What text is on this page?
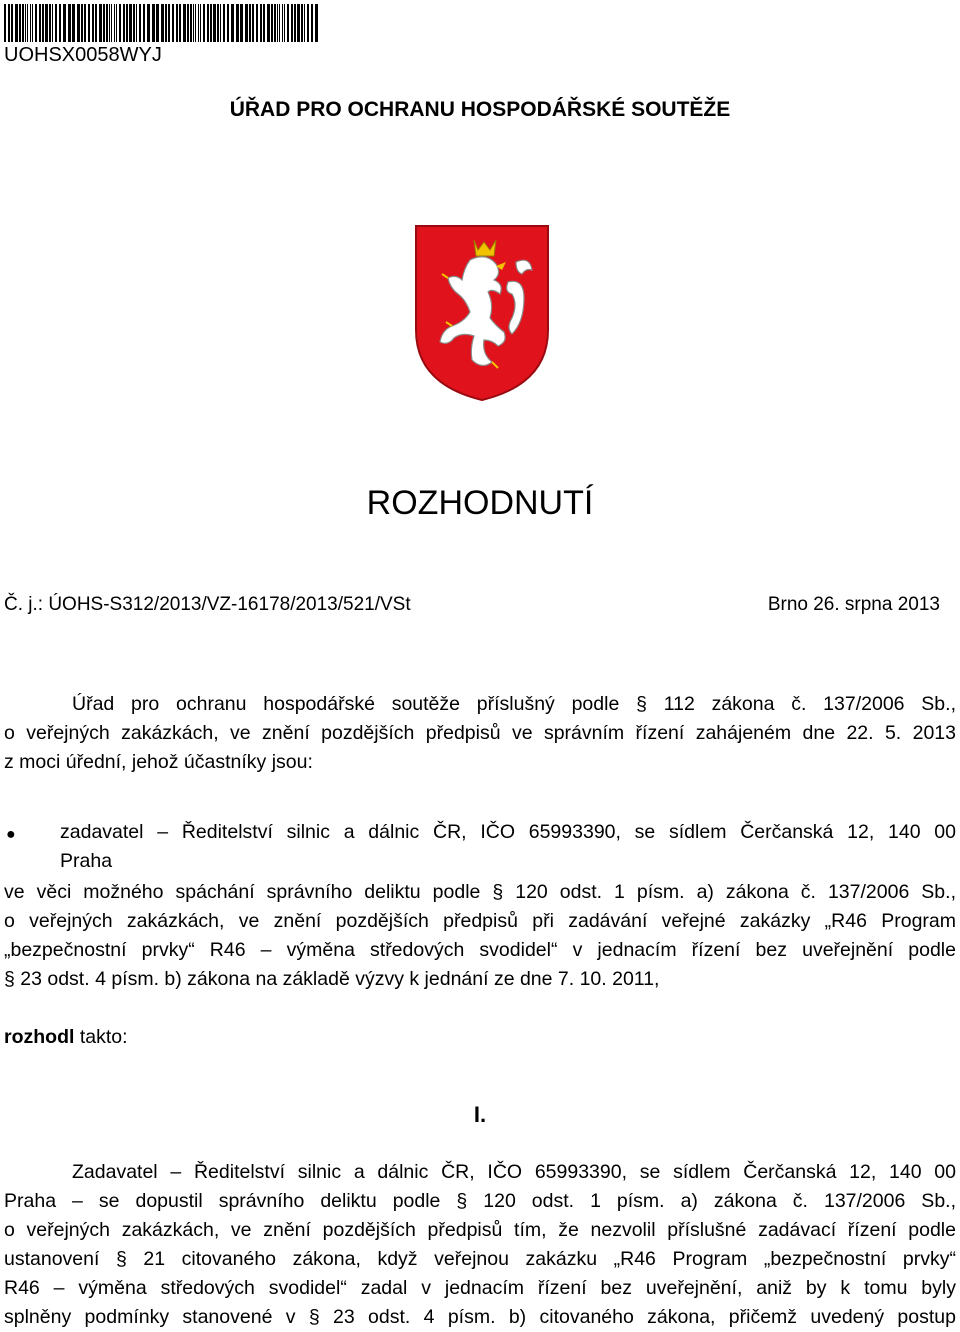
UOHSX0058WYJ
ÚŘAD PRO OCHRANU HOSPODÁŘSKÉ SOUTĚŽE
ROZHODNUTÍ
Č. j.: ÚOHS-S312/2013/VZ-16178/2013/521/VSt	Brno 26. srpna 2013
Úřad pro ochranu hospodářské soutěže příslušný podle § 112 zákona č. 137/2006 Sb.,
o veřejných zakázkách, ve znění pozdějších předpisů ve správním řízení zahájeném dne 22. 5. 2013
z moci úřední, jehož účastníky jsou:
● zadavatel – Ředitelství silnic a dálnic ČR, IČO 65993390, se sídlem Čerčanská 12, 140 00
Praha
ve věci možného spáchání správního deliktu podle § 120 odst. 1 písm. a) zákona č. 137/2006 Sb.,
o veřejných zakázkách, ve znění pozdějších předpisů při zadávání veřejné zakázky „R46 Program
„bezpečnostní prvky“ R46 – výměna středových svodidel“ v jednacím řízení bez uveřejnění podle
§ 23 odst. 4 písm. b) zákona na základě výzvy k jednání ze dne 7. 10. 2011,
rozhodl takto:
I.
Zadavatel – Ředitelství silnic a dálnic ČR, IČO 65993390, se sídlem Čerčanská 12, 140 00
Praha – se dopustil správního deliktu podle § 120 odst. 1 písm. a) zákona č. 137/2006 Sb.,
o veřejných zakázkách, ve znění pozdějších předpisů tím, že nezvolil příslušné zadávací řízení podle
ustanovení § 21 citovaného zákona, když veřejnou zakázku „R46 Program „bezpečnostní prvky“
R46 – výměna středových svodidel“ zadal v jednacím řízení bez uveřejnění, aniž by k tomu byly
splněny podmínky stanovené v § 23 odst. 4 písm. b) citovaného zákona, přičemž uvedený postup
